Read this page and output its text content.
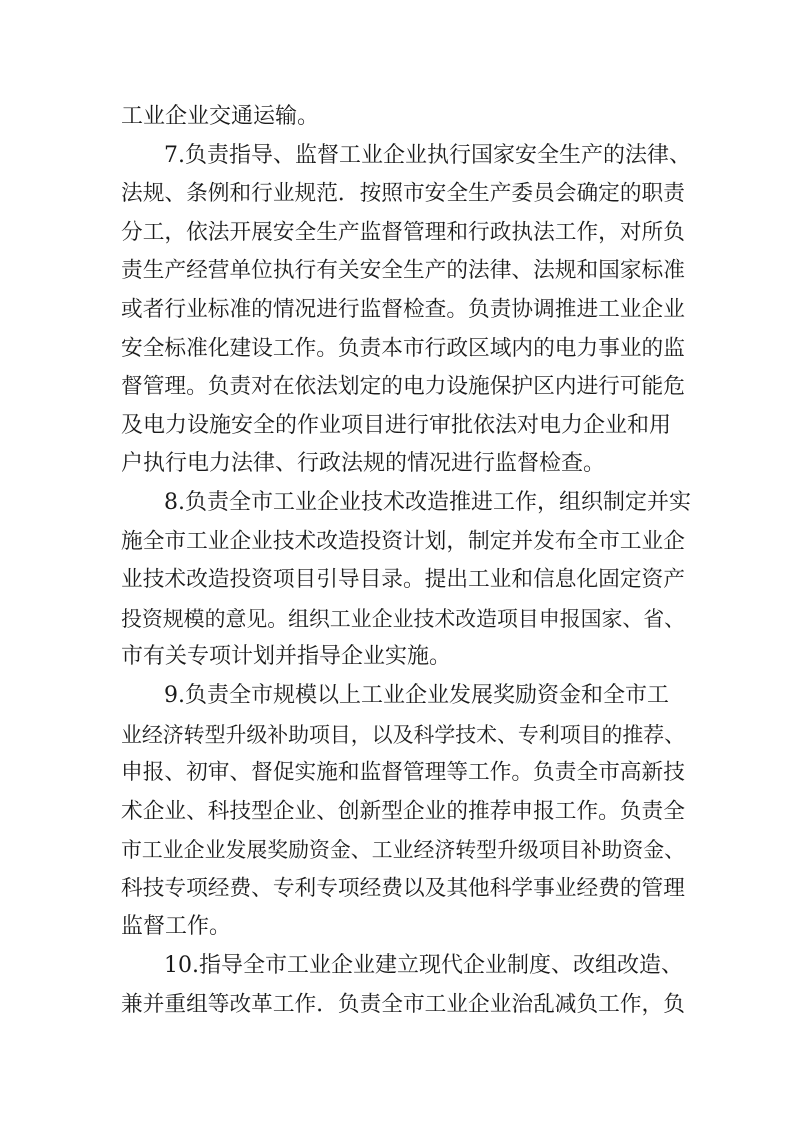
工业企业交通运输。
7.负责指导、监督工业企业执行国家安全生产的法律、
法规、条例和行业规范．按照市安全生产委员会确定的职责
分工，依法开展安全生产监督管理和行政执法工作，对所负
责生产经营单位执行有关安全生产的法律、法规和国家标准
或者行业标准的情况进行监督检查。负责协调推进工业企业
安全标准化建设工作。负责本市行政区域内的电力事业的监
督管理。负责对在依法划定的电力设施保护区内进行可能危
及电力设施安全的作业项目进行审批依法对电力企业和用
户执行电力法律、行政法规的情况进行监督检查。
8.负责全市工业企业技术改造推进工作，组织制定并实
施全市工业企业技术改造投资计划，制定并发布全市工业企
业技术改造投资项目引导目录。提出工业和信息化固定资产
投资规模的意见。组织工业企业技术改造项目申报国家、省、
市有关专项计划并指导企业实施。
9.负责全市规模以上工业企业发展奖励资金和全市工
业经济转型升级补助项目，以及科学技术、专利项目的推荐、
申报、初审、督促实施和监督管理等工作。负责全市高新技
术企业、科技型企业、创新型企业的推荐申报工作。负责全
市工业企业发展奖励资金、工业经济转型升级项目补助资金、
科技专项经费、专利专项经费以及其他科学事业经费的管理
监督工作。
10.指导全市工业企业建立现代企业制度、改组改造、
兼并重组等改革工作．负责全市工业企业治乱减负工作，负
